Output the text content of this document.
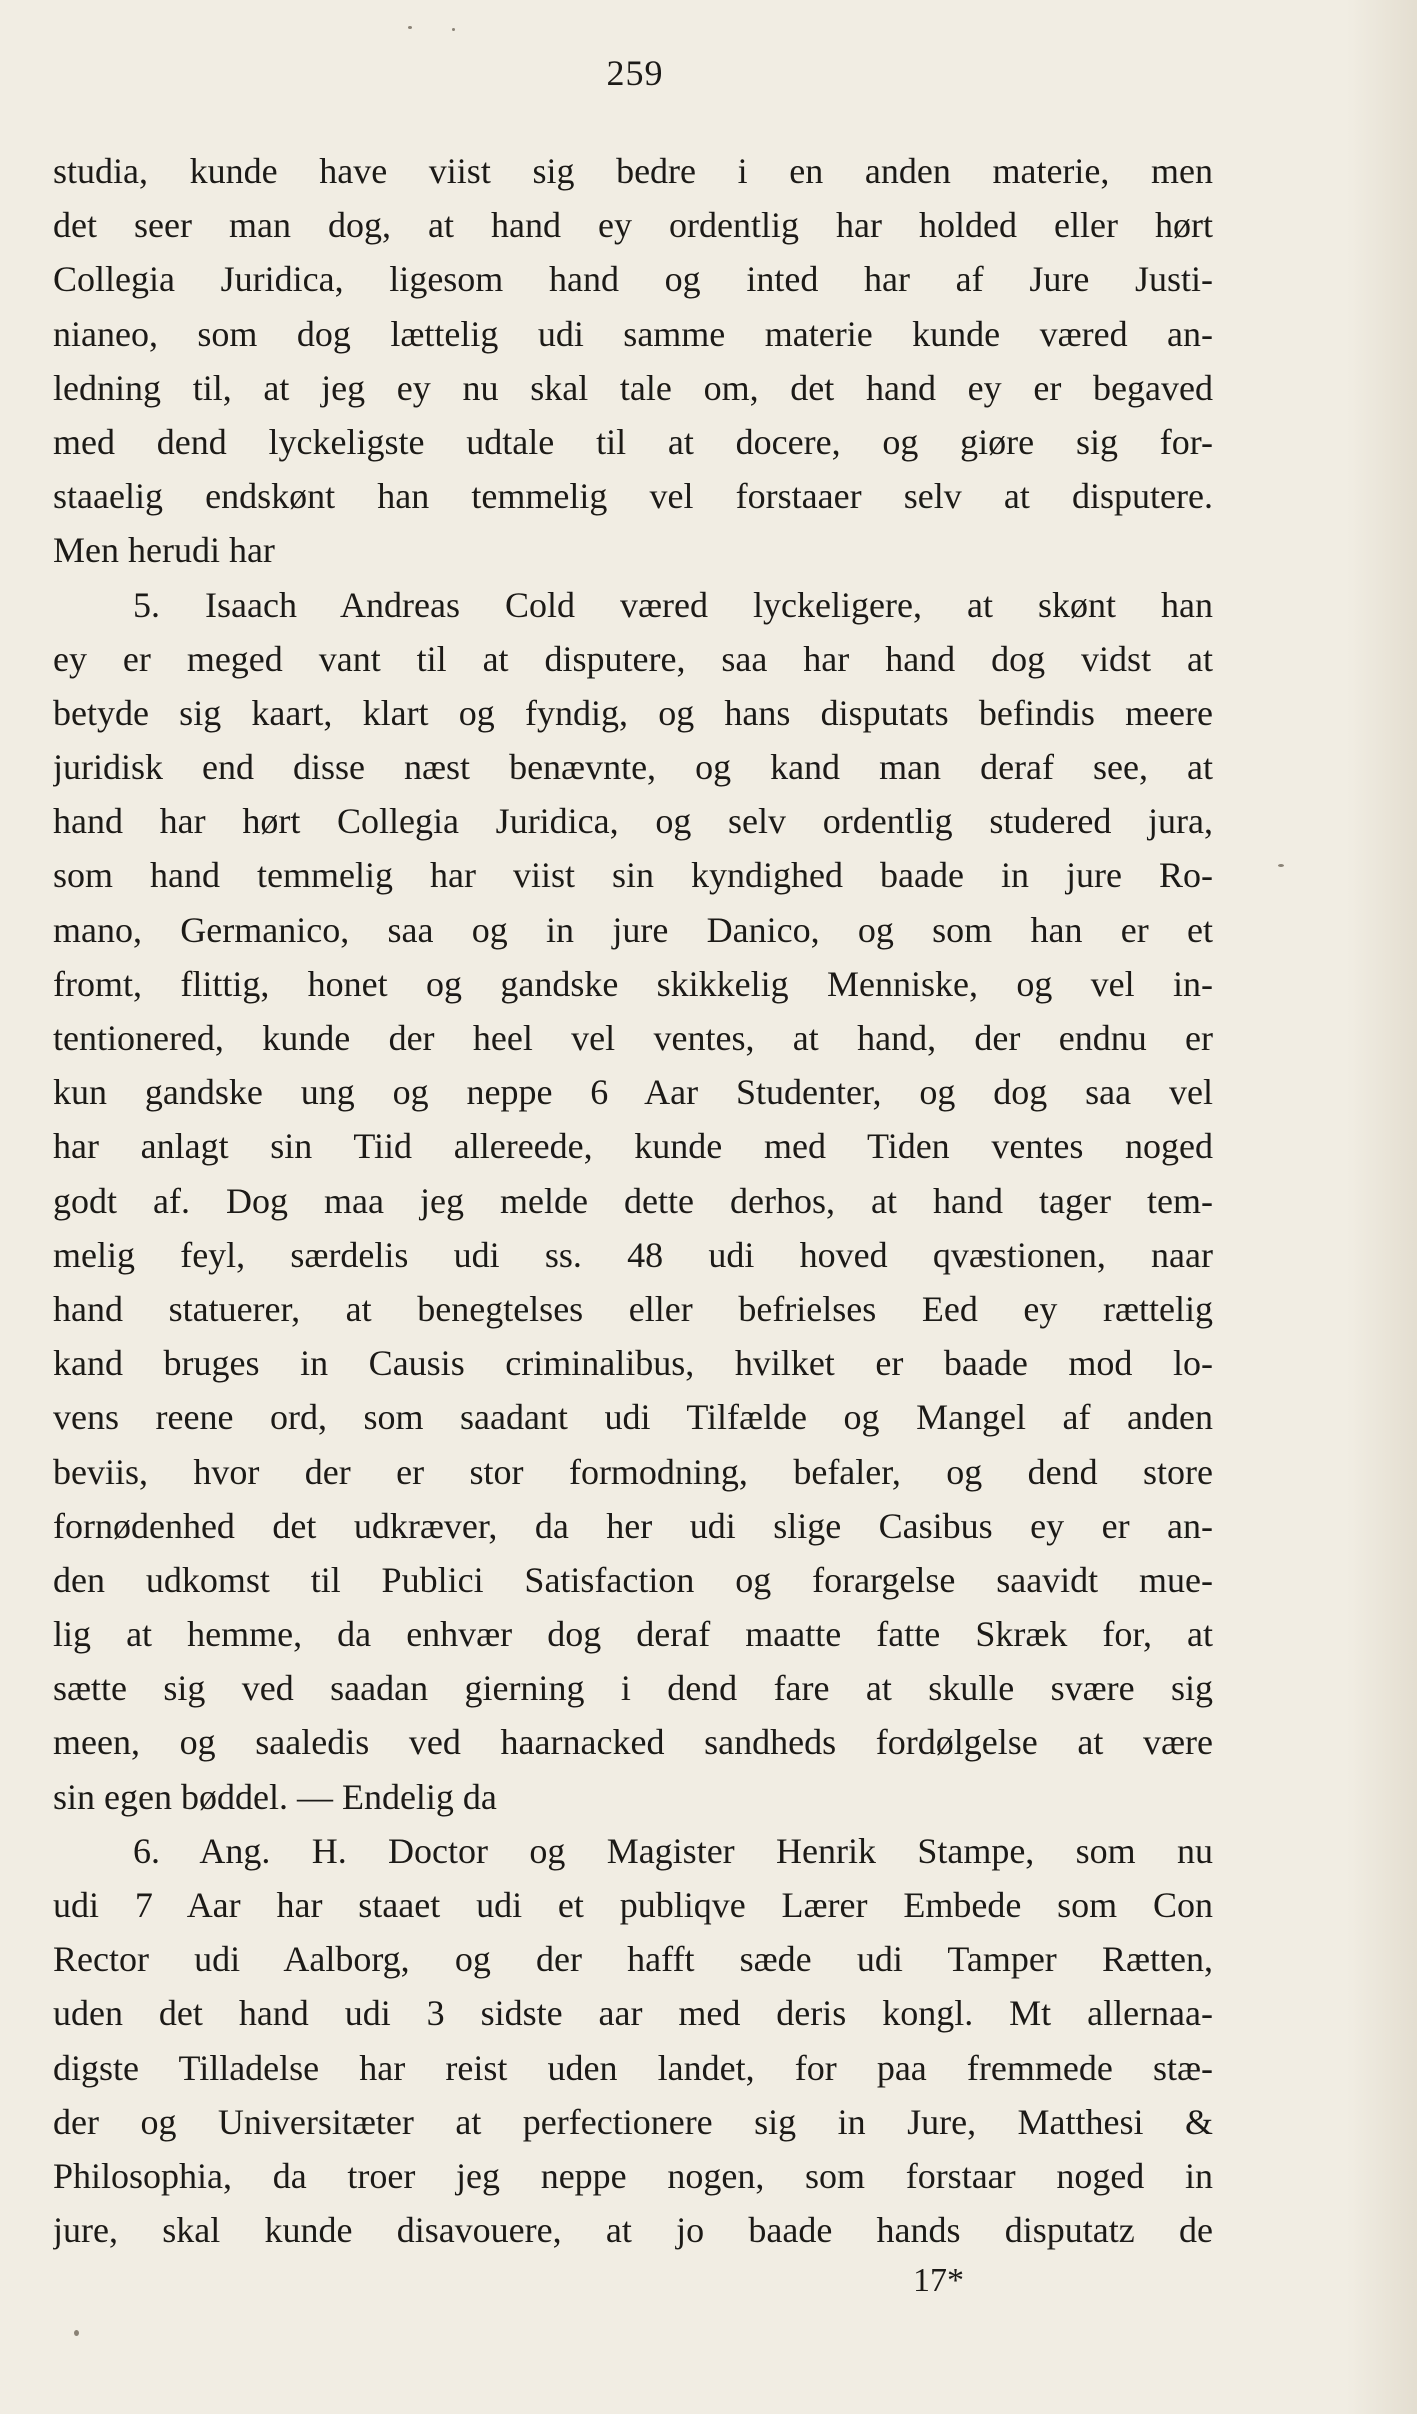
259
studia, kunde have viist sig bedre i en anden materie, men
det seer man dog, at hand ey ordentlig har holded eller hørt
Collegia Juridica, ligesom hand og inted har af Jure Justi-
nianeo, som dog lættelig udi samme materie kunde væred an-
ledning til, at jeg ey nu skal tale om, det hand ey er begaved
med dend lyckeligste udtale til at docere, og giøre sig for-
staaelig endskønt han temmelig vel forstaaer selv at disputere.
Men herudi har
5. Isaach Andreas Cold væred lyckeligere, at skønt han
ey er meged vant til at disputere, saa har hand dog vidst at
betyde sig kaart, klart og fyndig, og hans disputats befindis meere
juridisk end disse næst benævnte, og kand man deraf see, at
hand har hørt Collegia Juridica, og selv ordentlig studered jura,
som hand temmelig har viist sin kyndighed baade in jure Ro-
mano, Germanico, saa og in jure Danico, og som han er et
fromt, flittig, honet og gandske skikkelig Menniske, og vel in-
tentionered, kunde der heel vel ventes, at hand, der endnu er
kun gandske ung og neppe 6 Aar Studenter, og dog saa vel
har anlagt sin Tiid allereede, kunde med Tiden ventes noged
godt af. Dog maa jeg melde dette derhos, at hand tager tem-
melig feyl, særdelis udi ss. 48 udi hoved qvæstionen, naar
hand statuerer, at benegtelses eller befrielses Eed ey rættelig
kand bruges in Causis criminalibus, hvilket er baade mod lo-
vens reene ord, som saadant udi Tilfælde og Mangel af anden
beviis, hvor der er stor formodning, befaler, og dend store
fornødenhed det udkræver, da her udi slige Casibus ey er an-
den udkomst til Publici Satisfaction og forargelse saavidt mue-
lig at hemme, da enhvær dog deraf maatte fatte Skræk for, at
sætte sig ved saadan gierning i dend fare at skulle svære sig
meen, og saaledis ved haarnacked sandheds fordølgelse at være
sin egen bøddel. — Endelig da
6. Ang. H. Doctor og Magister Henrik Stampe, som nu
udi 7 Aar har staaet udi et publiqve Lærer Embede som Con
Rector udi Aalborg, og der hafft sæde udi Tamper Rætten,
uden det hand udi 3 sidste aar med deris kongl. Mt allernaa-
digste Tilladelse har reist uden landet, for paa fremmede stæ-
der og Universitæter at perfectionere sig in Jure, Matthesi &
Philosophia, da troer jeg neppe nogen, som forstaar noged in
jure, skal kunde disavouere, at jo baade hands disputatz de
17*
